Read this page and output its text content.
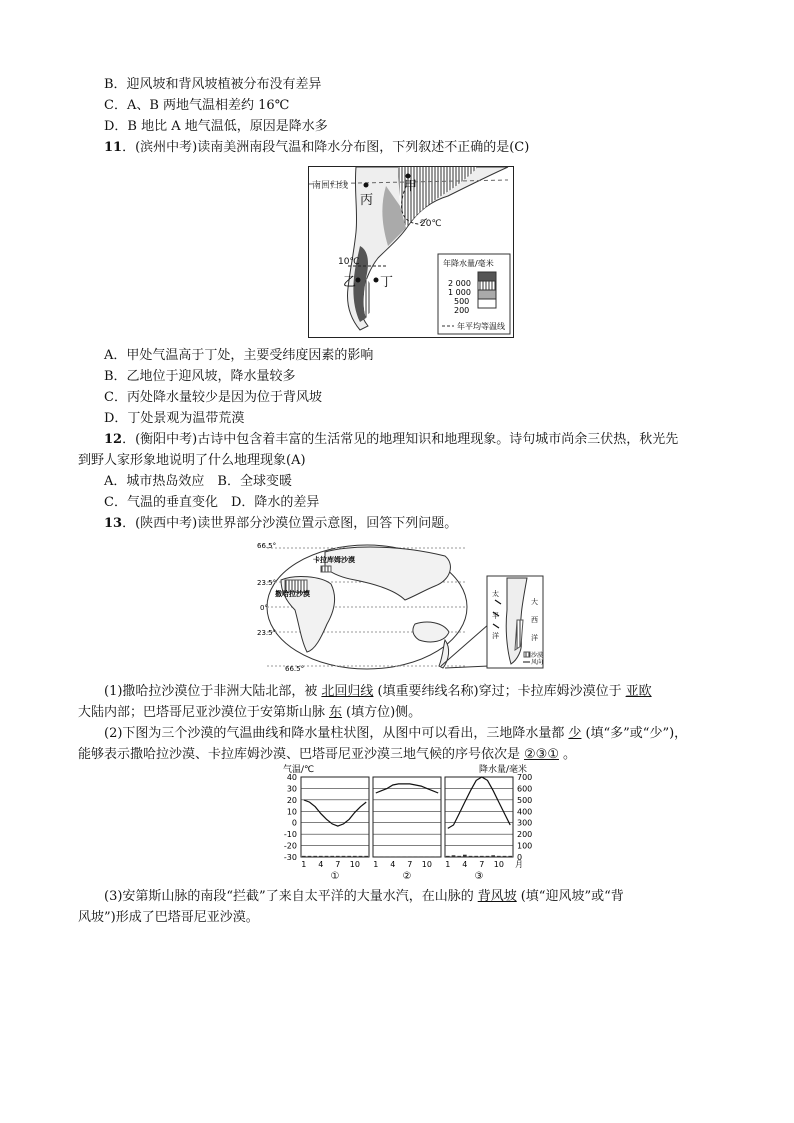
B．迎风坡和背风坡植被分布没有差异
C．A、B 两地气温相差约 16℃
D．B 地比 A 地气温低，原因是降水多
11．(滨州中考)读南美洲南段气温和降水分布图，下列叙述不正确的是(C)
南回归线	甲
丙
乙 丁
20℃
10℃	年降水量/毫米
2 000
1 000
500
200
年平均等温线
A．甲处气温高于丁处，主要受纬度因素的影响
B．乙地位于迎风坡，降水量较多
C．丙处降水量较少是因为位于背风坡
D．丁处景观为温带荒漠
12．(衡阳中考)古诗中包含着丰富的生活常见的地理知识和地理现象。诗句城市尚余三伏热，秋光先
到野人家形象地说明了什么地理现象(A)
A．城市热岛效应　B．全球变暖
C．气温的垂直变化　D．降水的差异
13．(陕西中考)读世界部分沙漠位置示意图，回答下列问题。
66.5°
23.5°
0°
23.5°
66.5°
卡拉库姆沙漠
撒哈拉沙漠	太
平
洋
大
西
洋
沙漠
风向
(1)撒哈拉沙漠位于非洲大陆北部，被 北回归线 (填重要纬线名称)穿过；卡拉库姆沙漠位于 亚欧
大陆内部；巴塔哥尼亚沙漠位于安第斯山脉 东 (填方位)侧。
(2)下图为三个沙漠的气温曲线和降水量柱状图，从图中可以看出，三地降水量都 少 (填“多”或“少”)，
能够表示撒哈拉沙漠、卡拉库姆沙漠、巴塔哥尼亚沙漠三地气候的序号依次是 ②③① 。
气温/℃	降水量/毫米
40
30
20
10
0
-10
-20
-30
700
600
500
400
300
200
100
0
1 4 7 10
①
1 4 7 10
②
1 4 7 10
③
月
(3)安第斯山脉的南段“拦截”了来自太平洋的大量水汽，在山脉的 背风坡 (填“迎风坡”或“背
风坡”)形成了巴塔哥尼亚沙漠。
